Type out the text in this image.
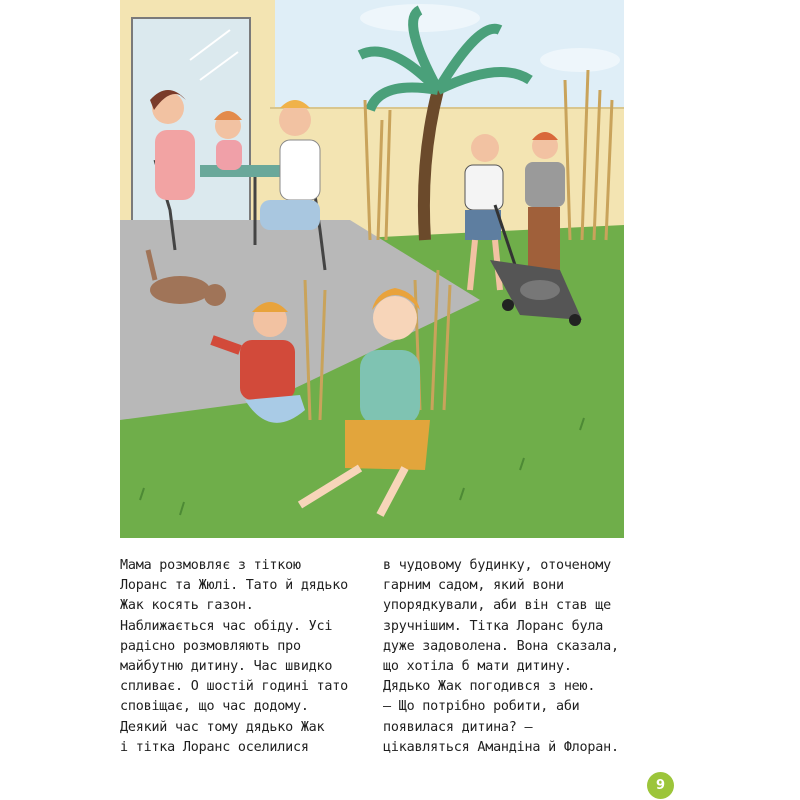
Мама розмовляє з тіткою
Лоранс та Жюлі. Тато й дядько
Жак косять газон.
Наближається час обіду. Усі
радісно розмовляють про
майбутню дитину. Час швидко
спливає. О шостій годині тато
сповіщає, що час додому.
Деякий час тому дядько Жак
і тітка Лоранс оселилися
в чудовому будинку, оточеному
гарним садом, який вони
упорядкували, аби він став ще
зручнішим. Тітка Лоранс була
дуже задоволена. Вона сказала,
що хотіла б мати дитину.
Дядько Жак погодився з нею.
— Що потрібно робити, аби
появилася дитина? —
цікавляться Амандіна й Флоран.
9
